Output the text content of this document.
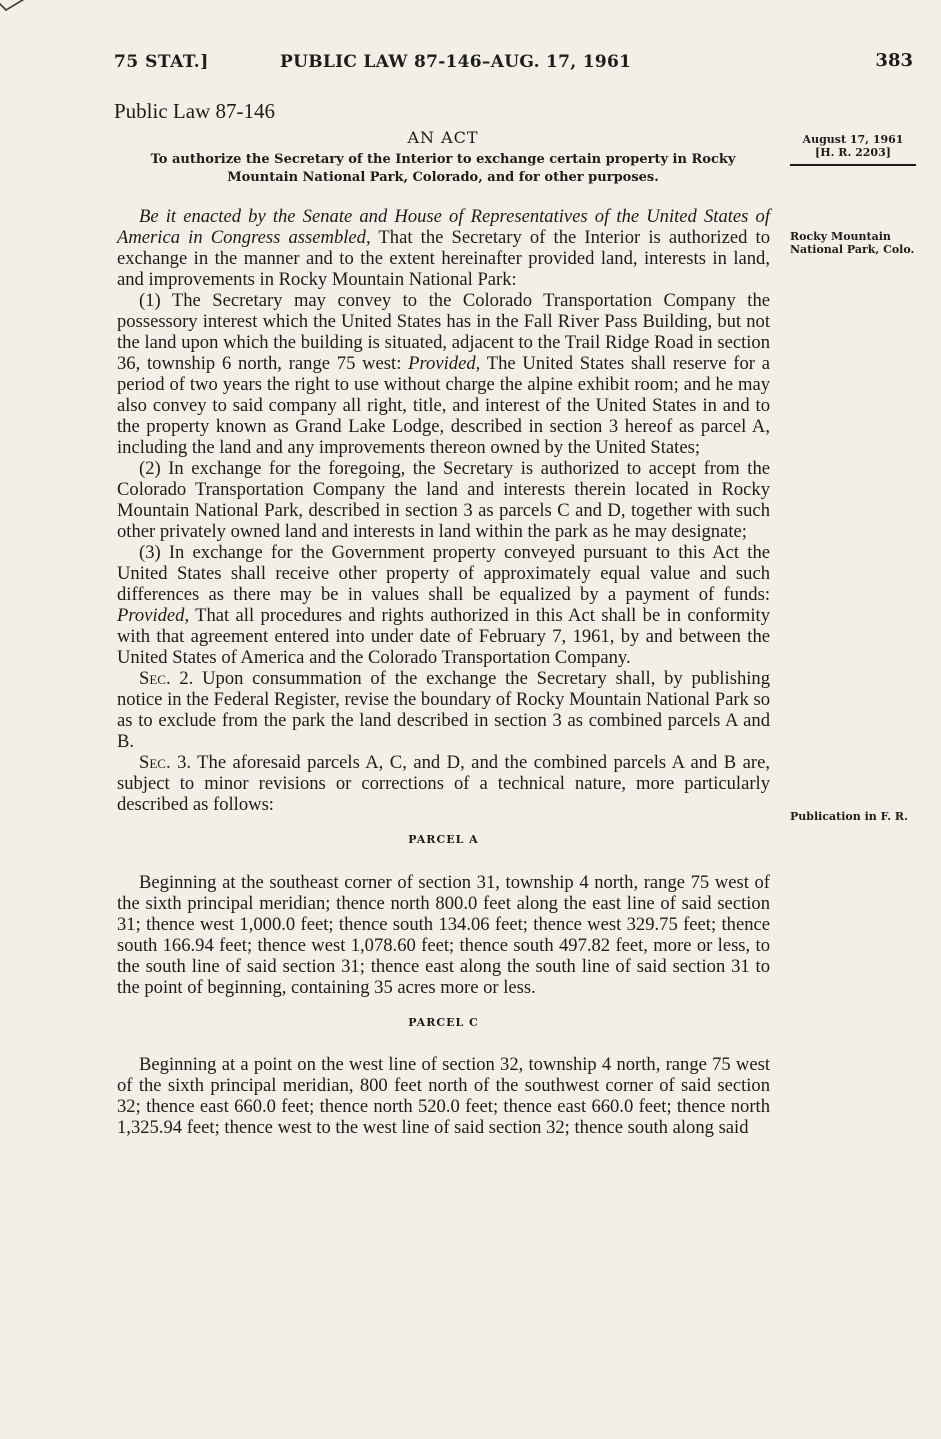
75 STAT.]	PUBLIC LAW 87-146–AUG. 17, 1961	383
Public Law 87-146
AN ACT
To authorize the Secretary of the Interior to exchange certain property in Rocky Mountain National Park, Colorado, and for other purposes.
August 17, 1961
[H. R. 2203]
Rocky Mountain National Park, Colo.
Publication in F. R.

Be it enacted by the Senate and House of Representatives of the United States of America in Congress assembled, That the Secretary of the Interior is authorized to exchange in the manner and to the extent hereinafter provided land, interests in land, and improvements in Rocky Mountain National Park:

(1) The Secretary may convey to the Colorado Transportation Company the possessory interest which the United States has in the Fall River Pass Building, but not the land upon which the building is situated, adjacent to the Trail Ridge Road in section 36, township 6 north, range 75 west: Provided, The United States shall reserve for a period of two years the right to use without charge the alpine exhibit room; and he may also convey to said company all right, title, and interest of the United States in and to the property known as Grand Lake Lodge, described in section 3 hereof as parcel A, including the land and any improvements thereon owned by the United States;

(2) In exchange for the foregoing, the Secretary is authorized to accept from the Colorado Transportation Company the land and interests therein located in Rocky Mountain National Park, described in section 3 as parcels C and D, together with such other privately owned land and interests in land within the park as he may designate;

(3) In exchange for the Government property conveyed pursuant to this Act the United States shall receive other property of approximately equal value and such differences as there may be in values shall be equalized by a payment of funds: Provided, That all procedures and rights authorized in this Act shall be in conformity with that agreement entered into under date of February 7, 1961, by and between the United States of America and the Colorado Transportation Company.

Sec. 2. Upon consummation of the exchange the Secretary shall, by publishing notice in the Federal Register, revise the boundary of Rocky Mountain National Park so as to exclude from the park the land described in section 3 as combined parcels A and B.

Sec. 3. The aforesaid parcels A, C, and D, and the combined parcels A and B are, subject to minor revisions or corrections of a technical nature, more particularly described as follows:

PARCEL A

Beginning at the southeast corner of section 31, township 4 north, range 75 west of the sixth principal meridian; thence north 800.0 feet along the east line of said section 31; thence west 1,000.0 feet; thence south 134.06 feet; thence west 329.75 feet; thence south 166.94 feet; thence west 1,078.60 feet; thence south 497.82 feet, more or less, to the south line of said section 31; thence east along the south line of said section 31 to the point of beginning, containing 35 acres more or less.

PARCEL C

Beginning at a point on the west line of section 32, township 4 north, range 75 west of the sixth principal meridian, 800 feet north of the southwest corner of said section 32; thence east 660.0 feet; thence north 520.0 feet; thence east 660.0 feet; thence north 1,325.94 feet; thence west to the west line of said section 32; thence south along said
